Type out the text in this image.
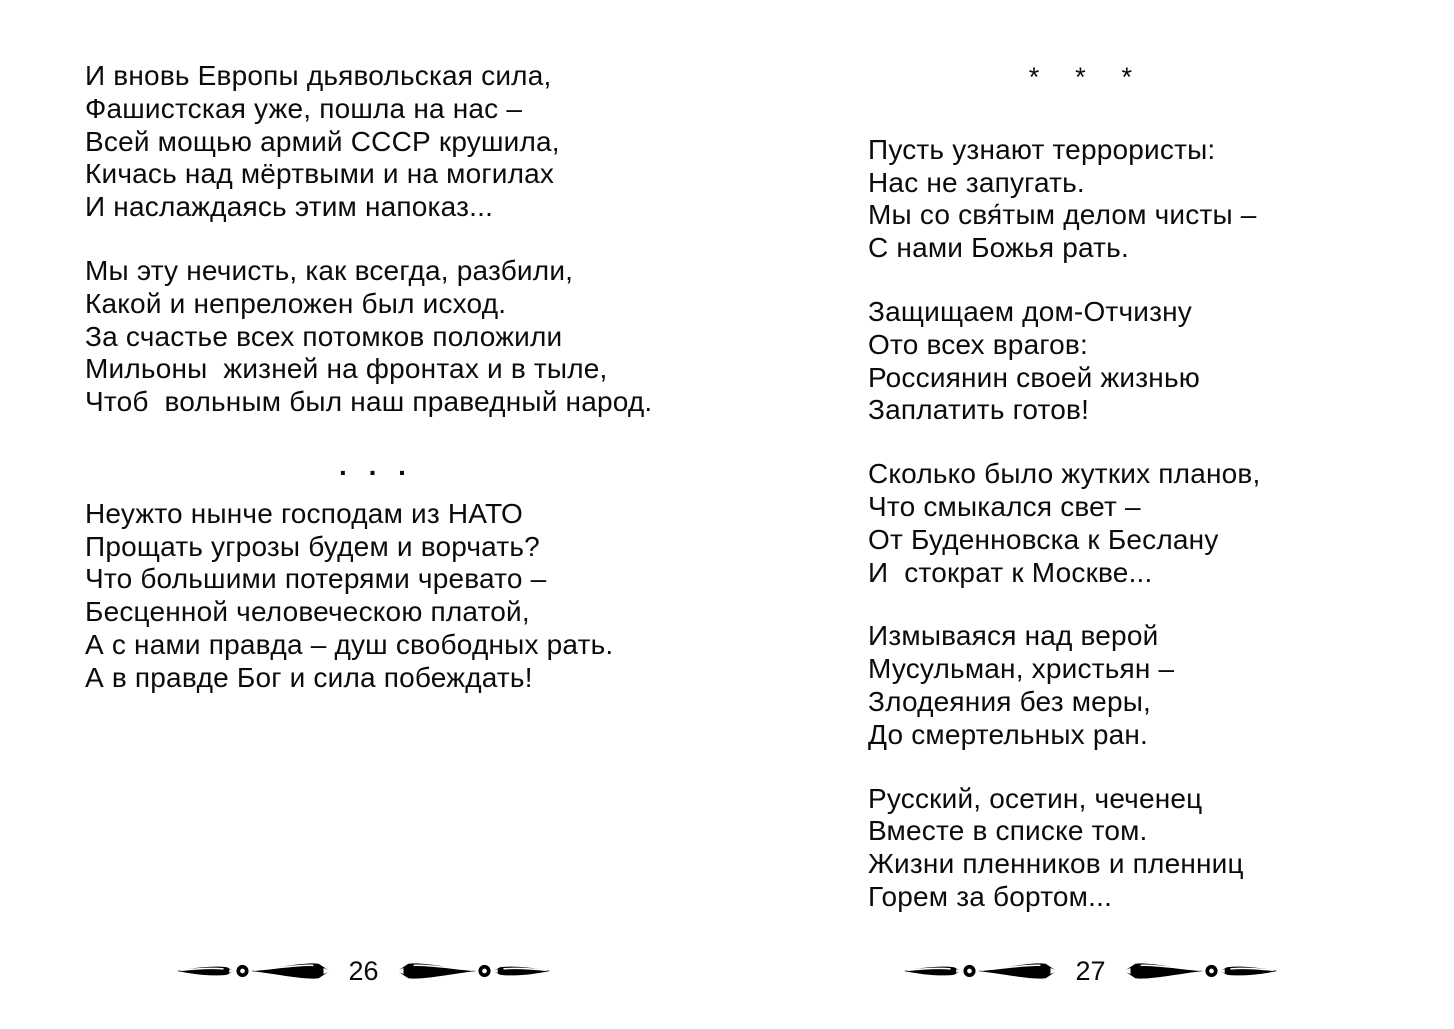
И вновь Европы дьявольская сила,
Фашистская уже, пошла на нас –
Всей мощью армий СССР крушила,
Кичась над мёртвыми и на могилах
И наслаждаясь этим напоказ...
Мы эту нечисть, как всегда, разбили,
Какой и непреложен был исход.
За счастье всех потомков положили
Мильоны  жизней на фронтах и в тыле,
Чтоб  вольным был наш праведный народ.
. . .
Неужто нынче господам из НАТО
Прощать угрозы будем и ворчать?
Что большими потерями чревато –
Бесценной человеческою платой,
А с нами правда – душ свободных рать.
А в правде Бог и сила побеждать!
26
* * *
Пусть узнают террористы:
Нас не запугать.
Мы со свя́тым делом чисты –
С нами Божья рать.
Защищаем дом-Отчизну
Ото всех врагов:
Россиянин своей жизнью
Заплатить готов!
Сколько было жутких планов,
Что смыкался свет –
От Буденновска к Беслану
И  стократ к Москве...
Измываяся над верой
Мусульман, христьян –
Злодеяния без меры,
До смертельных ран.
Русский, осетин, чеченец
Вместе в списке том.
Жизни пленников и пленниц
Горем за бортом...
27
